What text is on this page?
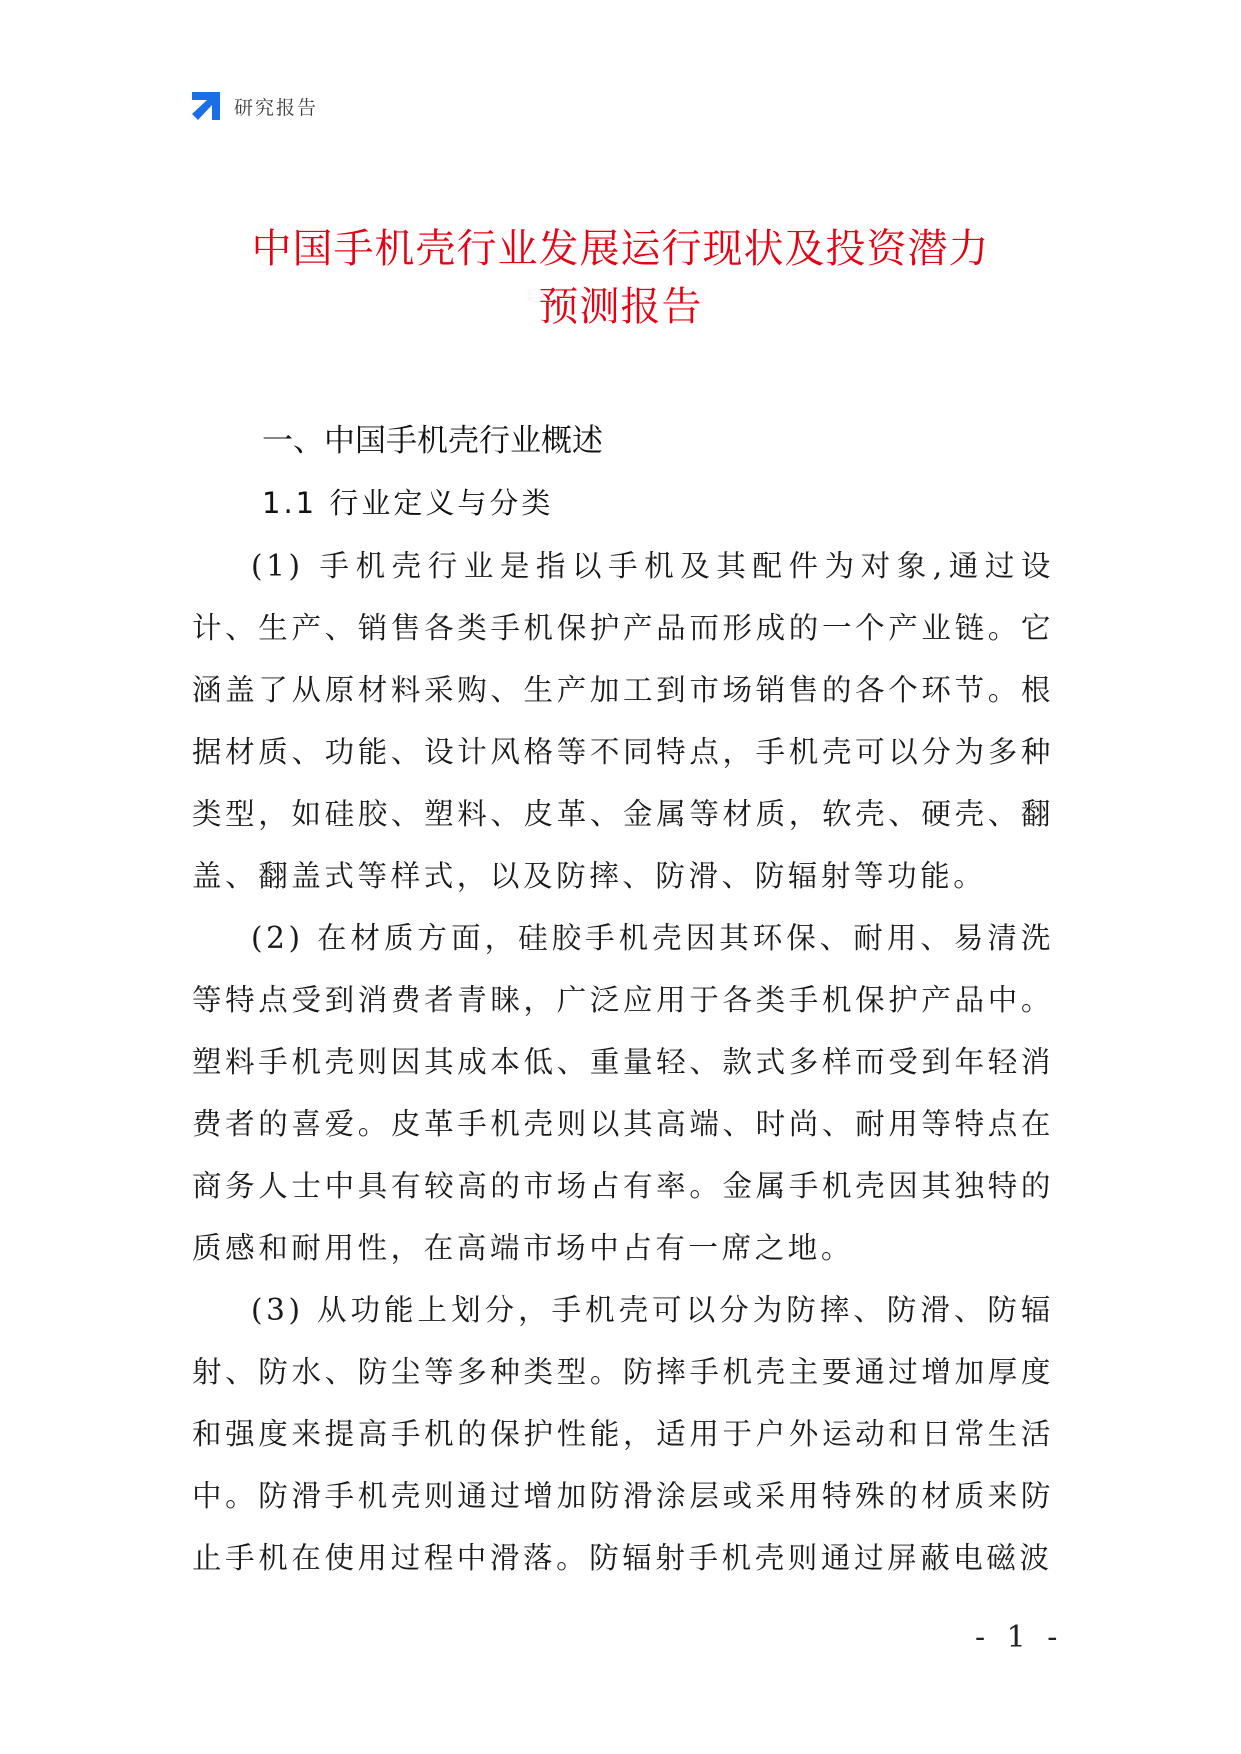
研究报告
中国手机壳行业发展运行现状及投资潜力
预测报告
一、中国手机壳行业概述
1.1 行业定义与分类

(1) 手机壳行业是指以手机及其配件为对象,通过设计、生产、销售各类手机保护产品而形成的一个产业链。它涵盖了从原材料采购、生产加工到市场销售的各个环节。根据材质、功能、设计风格等不同特点，手机壳可以分为多种类型，如硅胶、塑料、皮革、金属等材质，软壳、硬壳、翻盖、翻盖式等样式，以及防摔、防滑、防辐射等功能。

(2) 在材质方面，硅胶手机壳因其环保、耐用、易清洗等特点受到消费者青睐，广泛应用于各类手机保护产品中。塑料手机壳则因其成本低、重量轻、款式多样而受到年轻消费者的喜爱。皮革手机壳则以其高端、时尚、耐用等特点在商务人士中具有较高的市场占有率。金属手机壳因其独特的质感和耐用性，在高端市场中占有一席之地。

(3) 从功能上划分，手机壳可以分为防摔、防滑、防辐射、防水、防尘等多种类型。防摔手机壳主要通过增加厚度和强度来提高手机的保护性能，适用于户外运动和日常生活中。防滑手机壳则通过增加防滑涂层或采用特殊的材质来防止手机在使用过程中滑落。防辐射手机壳则通过屏蔽电磁波

- 1 -
